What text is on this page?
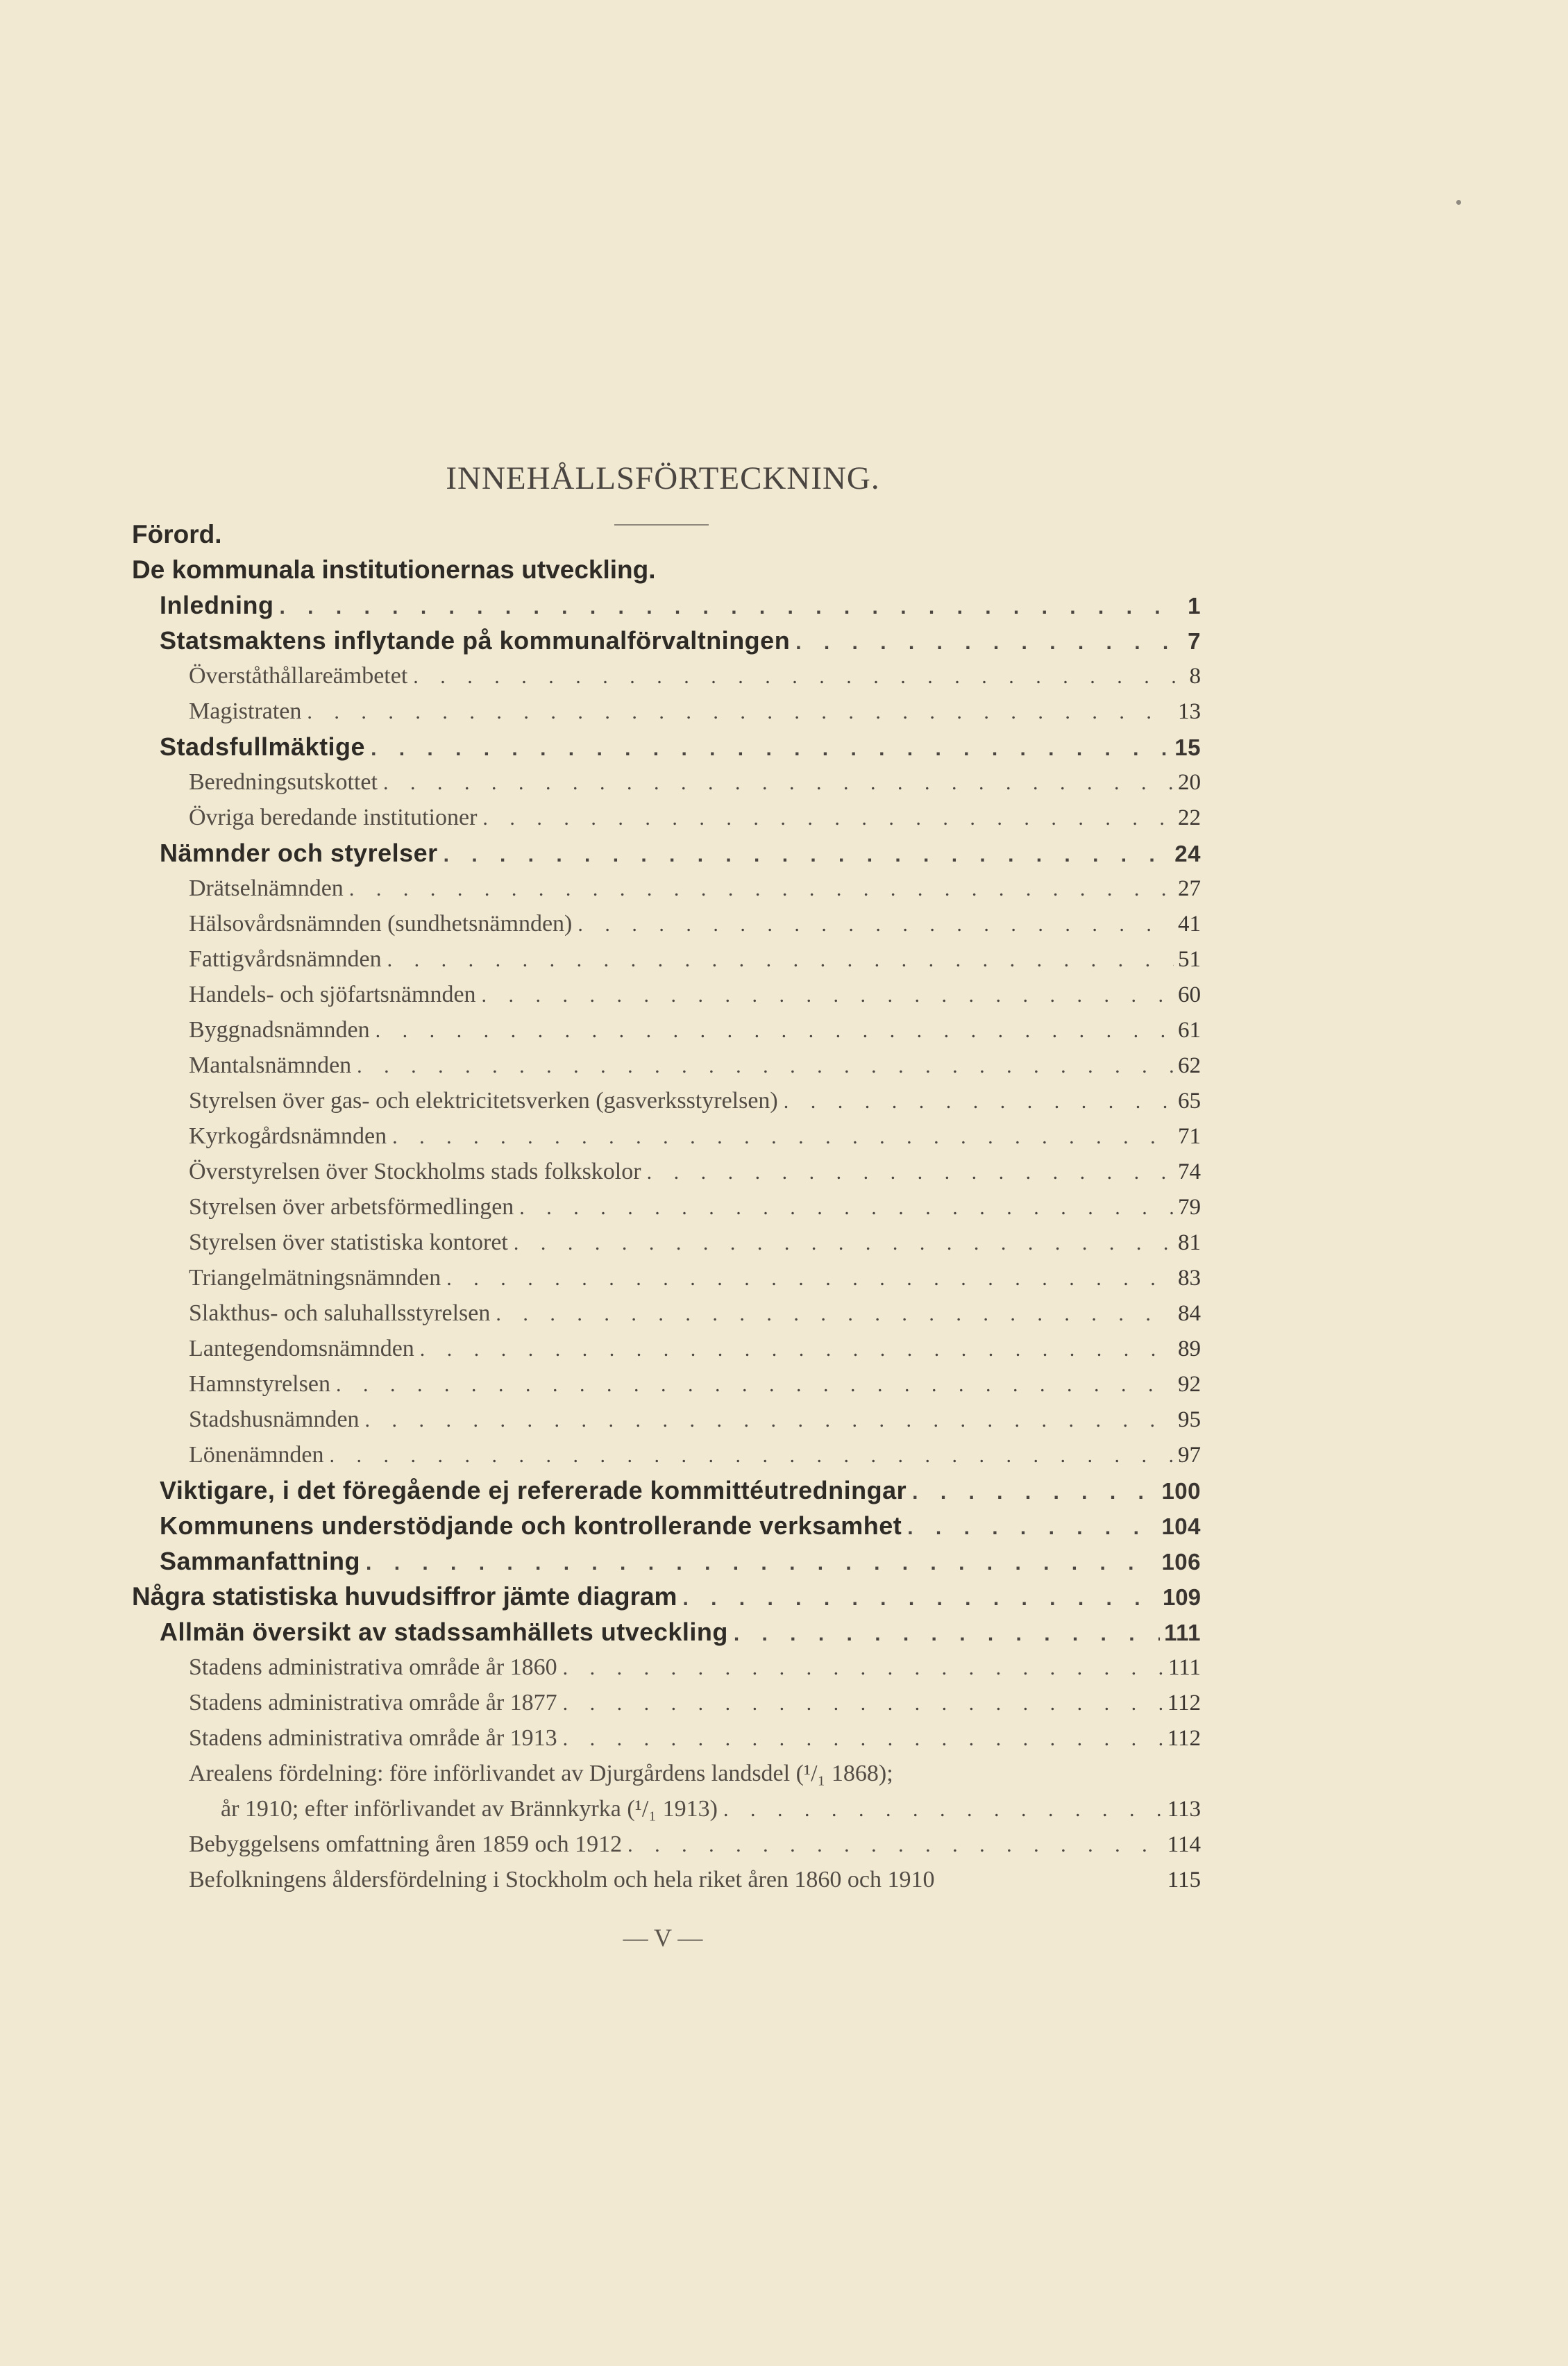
INNEHÅLLSFÖRTECKNING.
Förord.
De kommunala institutionernas utveckling.
Inledning . . .	1
Statsmaktens inflytande på kommunalförvaltningen . . .	7
Överståthållareämbetet . . .	8
Magistraten . . .	13
Stadsfullmäktige . . .	15
Beredningsutskottet . . .	20
Övriga beredande institutioner . . .	22
Nämnder och styrelser . . .	24
Drätselnämnden . . .	27
Hälsovårdsnämnden (sundhetsnämnden) . . .	41
Fattigvårdsnämnden . . .	51
Handels- och sjöfartsnämnden . . .	60
Byggnadsnämnden . . .	61
Mantalsnämnden . . .	62
Styrelsen över gas- och elektricitetsverken (gasverksstyrelsen) . . .	65
Kyrkogårdsnämnden . . .	71
Överstyrelsen över Stockholms stads folkskolor . . .	74
Styrelsen över arbetsförmedlingen . . .	79
Styrelsen över statistiska kontoret . . .	81
Triangelmätningsnämnden . . .	83
Slakthus- och saluhallsstyrelsen . . .	84
Lantegendomsnämnden . . .	89
Hamnstyrelsen . . .	92
Stadshusnämnden . . .	95
Lönenämnden . . .	97
Viktigare, i det föregående ej refererade kommittéutredningar . . .	100
Kommunens understödjande och kontrollerande verksamhet . . .	104
Sammanfattning . . .	106
Några statistiska huvudsiffror jämte diagram . . .	109
Allmän översikt av stadssamhällets utveckling . . .	111
Stadens administrativa område år 1860 . . .	111
Stadens administrativa område år 1877 . . .	112
Stadens administrativa område år 1913 . . .	112
Arealens fördelning: före införlivandet av Djurgårdens landsdel (¹/₁ 1868);
år 1910; efter införlivandet av Brännkyrka (¹/₁ 1913) . . .	113
Bebyggelsens omfattning åren 1859 och 1912 . . .	114
Befolkningens åldersfördelning i Stockholm och hela riket åren 1860 och 1910	115
— V —
